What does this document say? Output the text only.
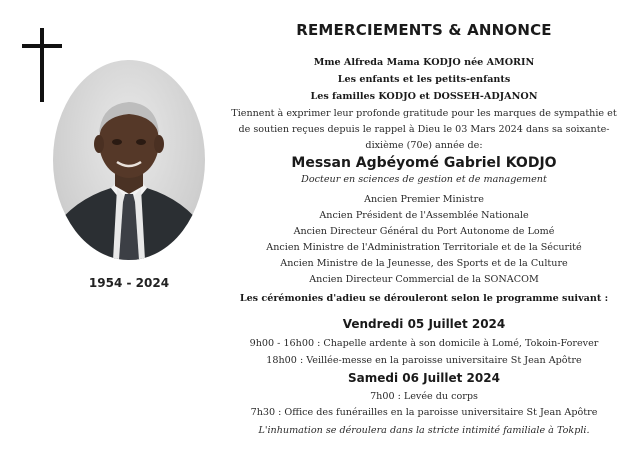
1954 - 2024
REMERCIEMENTS & ANNONCE
Mme Alfreda Mama KODJO née AMORIN
Les enfants et les petits-enfants
Les familles KODJO et DOSSEH-ADJANON
Tiennent à exprimer leur profonde gratitude pour les marques de sympathie et
de soutien reçues depuis le rappel à Dieu le 03 Mars 2024 dans sa soixante-
dixième (70e) année de:
Messan Agbéyomé Gabriel KODJO
Docteur en sciences de gestion et de management
Ancien Premier Ministre
Ancien Président de l'Assemblée Nationale
Ancien Directeur Général du Port Autonome de Lomé
Ancien Ministre de l'Administration Territoriale et de la Sécurité
Ancien Ministre de la Jeunesse, des Sports et de la Culture
Ancien Directeur Commercial de la SONACOM
Les cérémonies d'adieu se dérouleront selon le programme suivant :
Vendredi 05 Juillet 2024
9h00 - 16h00 : Chapelle ardente à son domicile à Lomé, Tokoin-Forever
18h00 : Veillée-messe en la paroisse universitaire St Jean Apôtre
Samedi 06 Juillet 2024
7h00 : Levée du corps
7h30 : Office des funérailles en la paroisse universitaire St Jean Apôtre
L'inhumation se déroulera dans la stricte intimité familiale à Tokpli.
